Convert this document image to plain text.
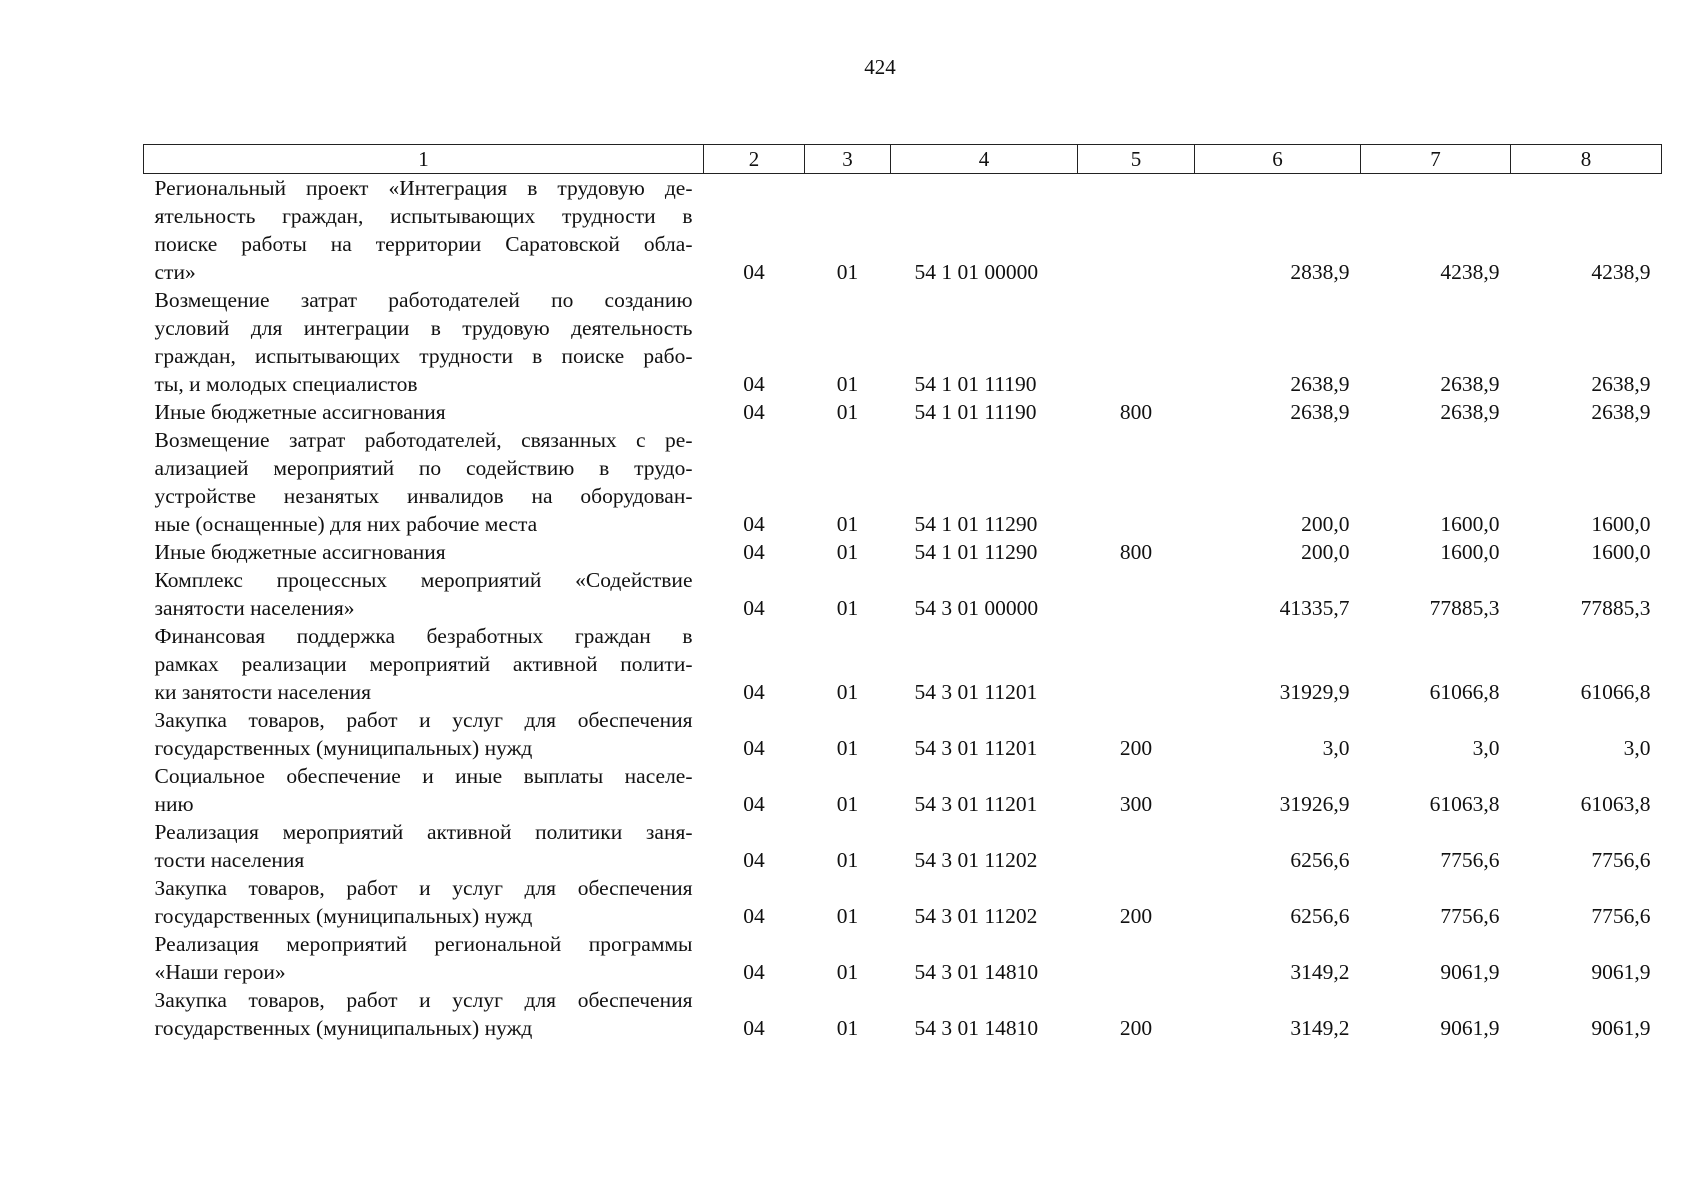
424
1	2	3	4	5	6	7	8

Региональный проект «Интеграция в трудовую де-
ятельность граждан, испытывающих трудности в
поиске работы на территории Саратовской обла-
сти»	04	01	54 1 01 00000		2838,9	4238,9	4238,9

Возмещение затрат работодателей по созданию
условий для интеграции в трудовую деятельность
граждан, испытывающих трудности в поиске рабо-
ты, и молодых специалистов	04	01	54 1 01 11190		2638,9	2638,9	2638,9

Иные бюджетные ассигнования	04	01	54 1 01 11190	800	2638,9	2638,9	2638,9

Возмещение затрат работодателей, связанных с ре-
ализацией мероприятий по содействию в трудо-
устройстве незанятых инвалидов на оборудован-
ные (оснащенные) для них рабочие места	04	01	54 1 01 11290		200,0	1600,0	1600,0

Иные бюджетные ассигнования	04	01	54 1 01 11290	800	200,0	1600,0	1600,0

Комплекс процессных мероприятий «Содействие
занятости населения»	04	01	54 3 01 00000		41335,7	77885,3	77885,3

Финансовая поддержка безработных граждан в
рамках реализации мероприятий активной полити-
ки занятости населения	04	01	54 3 01 11201		31929,9	61066,8	61066,8

Закупка товаров, работ и услуг для обеспечения
государственных (муниципальных) нужд	04	01	54 3 01 11201	200	3,0	3,0	3,0

Социальное обеспечение и иные выплаты населе-
нию	04	01	54 3 01 11201	300	31926,9	61063,8	61063,8

Реализация мероприятий активной политики заня-
тости населения	04	01	54 3 01 11202		6256,6	7756,6	7756,6

Закупка товаров, работ и услуг для обеспечения
государственных (муниципальных) нужд	04	01	54 3 01 11202	200	6256,6	7756,6	7756,6

Реализация мероприятий региональной программы
«Наши герои»	04	01	54 3 01 14810		3149,2	9061,9	9061,9

Закупка товаров, работ и услуг для обеспечения
государственных (муниципальных) нужд	04	01	54 3 01 14810	200	3149,2	9061,9	9061,9
